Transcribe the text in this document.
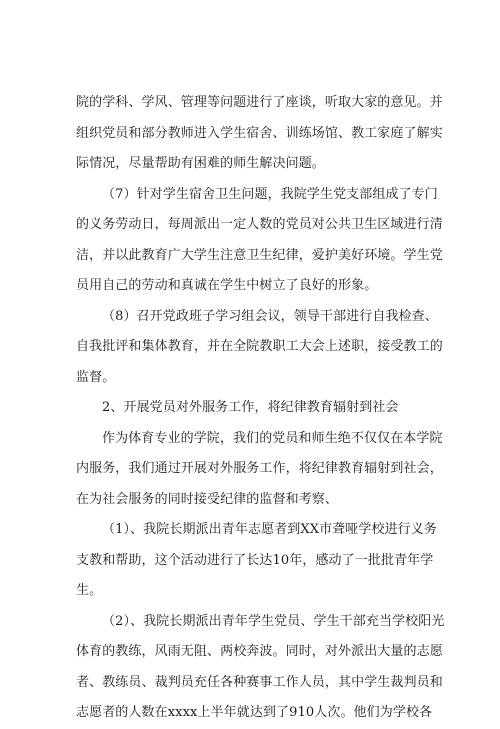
院的学科、学风、管理等问题进行了座谈，听取大家的意见。并
组织党员和部分教师进入学生宿舍、训练场馆、教工家庭了解实
际情况，尽量帮助有困难的师生解决问题。
（7）针对学生宿舍卫生问题，我院学生党支部组成了专门
的义务劳动日，每周派出一定人数的党员对公共卫生区域进行清
洁，并以此教育广大学生注意卫生纪律，爱护美好环境。学生党
员用自己的劳动和真诚在学生中树立了良好的形象。
（8）召开党政班子学习组会议，领导干部进行自我检查、
自我批评和集体教育，并在全院教职工大会上述职，接受教工的
监督。
2、开展党员对外服务工作，将纪律教育辐射到社会
作为体育专业的学院，我们的党员和师生绝不仅仅在本学院
内服务，我们通过开展对外服务工作，将纪律教育辐射到社会，
在为社会服务的同时接受纪律的监督和考察、
（1）、我院长期派出青年志愿者到XX市聋哑学校进行义务
支教和帮助，这个活动进行了长达10年，感动了一批批青年学
生。
（2）、我院长期派出青年学生党员、学生干部充当学校阳光
体育的教练，风雨无阻、两校奔波。同时，对外派出大量的志愿
者、教练员、裁判员充任各种赛事工作人员，其中学生裁判员和
志愿者的人数在xxxx上半年就达到了910人次。他们为学校各
